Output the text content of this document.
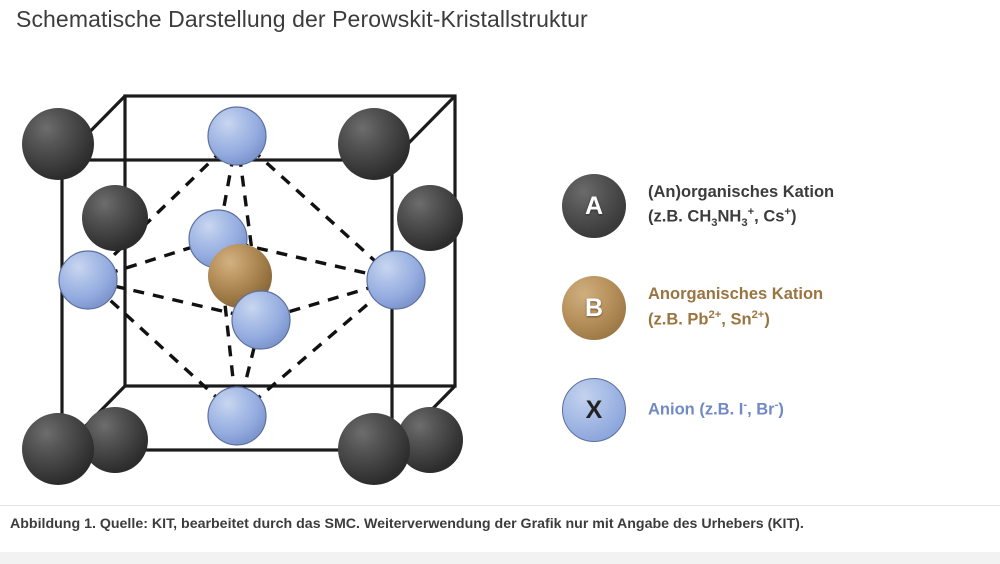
Schematische Darstellung der Perowskit-Kristallstruktur
A	(An)organisches Kation
(z.B. $CH_3NH_3^+$, Cs+)
B	Anorganisches Kation
(z.B. $Pb^{2+}$, $Sn^{2+}$)
X	Anion (z.B. I-, Br-)
Abbildung 1. Quelle: KIT, bearbeitet durch das SMC. Weiterverwendung der Grafik nur mit Angabe des Urhebers (KIT).
